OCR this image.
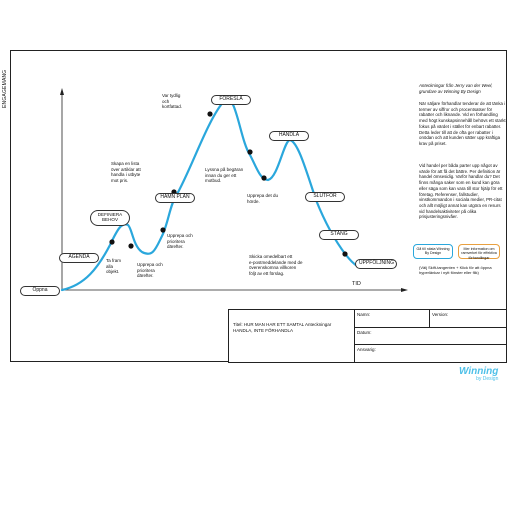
ENGAGEMANG
TID
Öppna
AGENDA
DEFINIERA BEHOV
HAMN PLAN
FÖRESLÅ
HANDLA
SLUTFÖR
STÄNG
UPPFÖLJNING
Var tydlig
och
kortfattad.
Skapa en lista
över artiklar att
handla i utbyte
mot pris.
Ta fram
alla
objekt.
Upprepa och
prioritera
därefter.
Upprepa och
prioritera
därefter.
Lyssna på begäran
innan du ger ett
motbud.
Upprepa det du
hörde.
Skicka omedelbart ett
e-postmeddelande med de
överenskomna villkoren
följt av ett förslag.
Anteckningar från Jerry van der Weel, grundare av Winning By Design
När säljare förhandlar tenderar de att tänka i termer av siffror och procentsatser för rabatter och liknande. Vid en förhandling med högt kunskapsinnehåll behövs ett starkt fokus på värdet i stället för enbart rabatter. Detta leder till att de ofta ger rabatter i onödan och att kunden sätter upp kraftiga krav på priset.
Vid handel per båda parter upp något av värde för att få det bättre. Per definition är handel ömsesidig. Varför handlar du? Det finns många saker som en kund kan göra eller säga som kan vara till stor hjälp för ett företag. Referenser, fallstudier, vinstkommandon i sociala medier, PR-citat och allt möjligt annat kan utgöra en resurs vid handelsaktiviteter på olika prisjusteringsnivåer.
Gå till nästa Winning By Design
Mer information om ramverket för effektiva förhandlingar
(Välj Skift-tangenten + Klick för att öppna hyperlänkar i nytt fönster eller flik)
Titel: HUR MAN HAR ETT SAMTAL Anteckningar HANDLA, INTE FÖRHANDLA
Namn:	Version:
Datum:
Ansvarig:
Winning
by Design
